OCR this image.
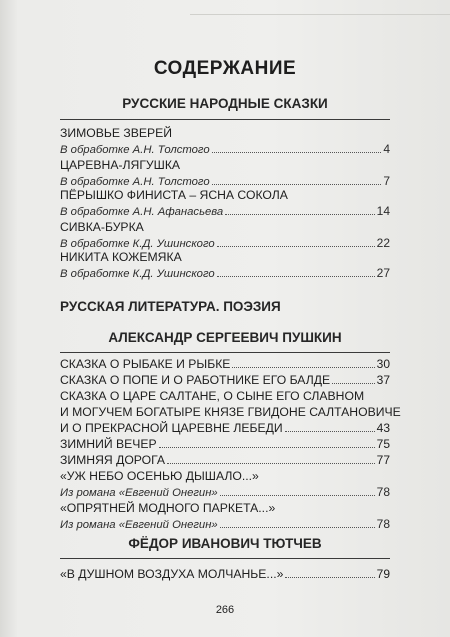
СОДЕРЖАНИЕ
РУССКИЕ НАРОДНЫЕ СКАЗКИ
ЗИМОВЬЕ ЗВЕРЕЙ
В обработке А.Н. Толстого	4
ЦАРЕВНА-ЛЯГУШКА
В обработке А.Н. Толстого	7
ПЁРЫШКО ФИНИСТА – ЯСНА СОКОЛА
В обработке А.Н. Афанасьева	14
СИВКА-БУРКА
В обработке К.Д. Ушинского	22
НИКИТА КОЖЕМЯКА
В обработке К.Д. Ушинского	27
РУССКАЯ ЛИТЕРАТУРА. ПОЭЗИЯ
АЛЕКСАНДР СЕРГЕЕВИЧ ПУШКИН
СКАЗКА О РЫБАКЕ И РЫБКЕ	30
СКАЗКА О ПОПЕ И О РАБОТНИКЕ ЕГО БАЛДЕ	37
СКАЗКА О ЦАРЕ САЛТАНЕ, О СЫНЕ ЕГО СЛАВНОМ
И МОГУЧЕМ БОГАТЫРЕ КНЯЗЕ ГВИДОНЕ САЛТАНОВИЧЕ
И О ПРЕКРАСНОЙ ЦАРЕВНЕ ЛЕБЕДИ	43
ЗИМНИЙ ВЕЧЕР	75
ЗИМНЯЯ ДОРОГА	77
«УЖ НЕБО ОСЕНЬЮ ДЫШАЛО...»
Из романа «Евгений Онегин»	78
«ОПРЯТНЕЙ МОДНОГО ПАРКЕТА...»
Из романа «Евгений Онегин»	78
ФЁДОР ИВАНОВИЧ ТЮТЧЕВ
«В ДУШНОМ ВОЗДУХА МОЛЧАНЬЕ...»	79
266
